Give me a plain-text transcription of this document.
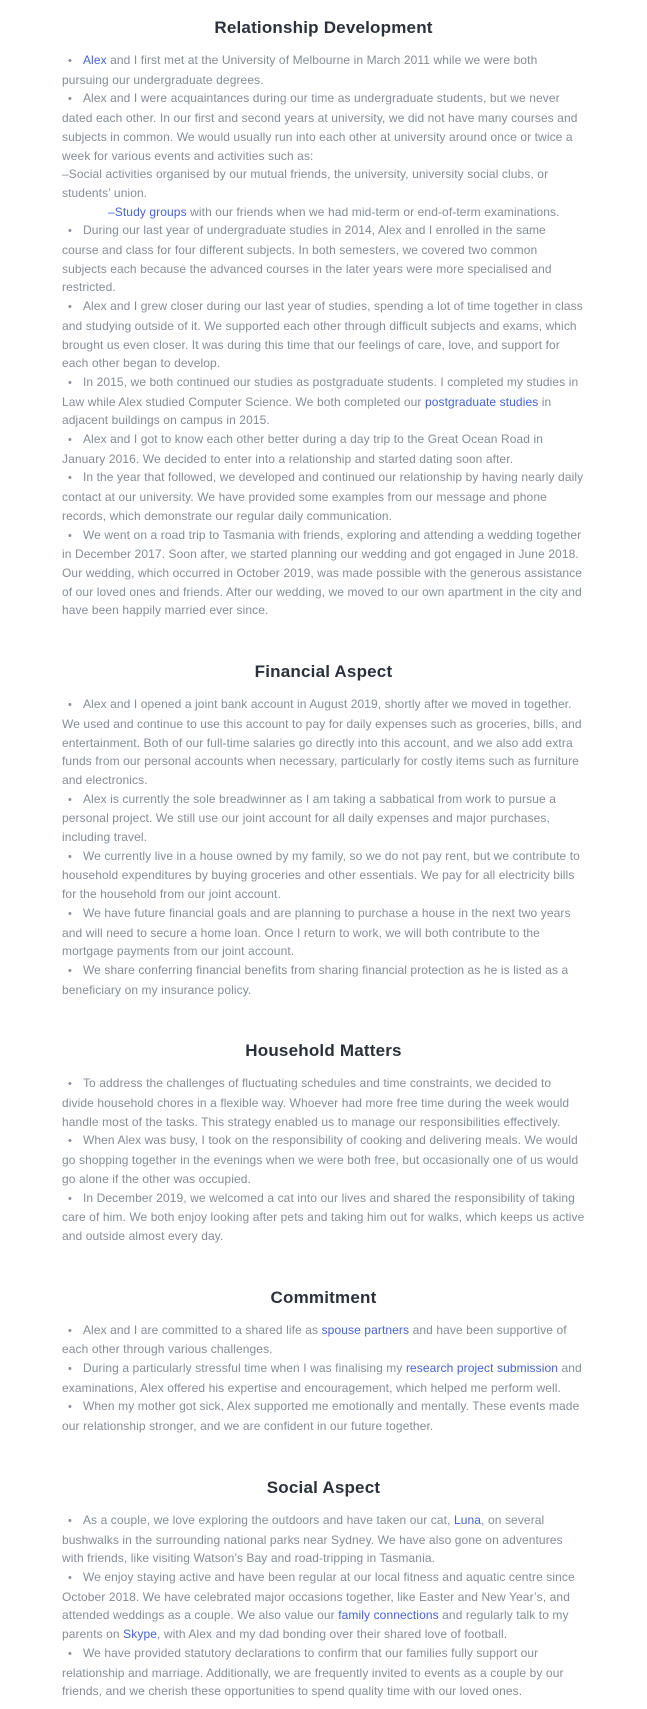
Relationship Development

• Alex and I first met at the University of Melbourne in March 2011 while we were both pursuing our undergraduate degrees.

• Alex and I were acquaintances during our time as undergraduate students, but we never dated each other. In our first and second years at university, we did not have many courses and subjects in common. We would usually run into each other at university around once or twice a week for various events and activities such as:

–Social activities organised by our mutual friends, the university, university social clubs, or students’ union.

–Study groups with our friends when we had mid-term or end-of-term examinations.

• During our last year of undergraduate studies in 2014, Alex and I enrolled in the same course and class for four different subjects. In both semesters, we covered two common subjects each because the advanced courses in the later years were more specialised and restricted.

• Alex and I grew closer during our last year of studies, spending a lot of time together in class and studying outside of it. We supported each other through difficult subjects and exams, which brought us even closer. It was during this time that our feelings of care, love, and support for each other began to develop.

• In 2015, we both continued our studies as postgraduate students. I completed my studies in Law while Alex studied Computer Science. We both completed our postgraduate studies in adjacent buildings on campus in 2015.

• Alex and I got to know each other better during a day trip to the Great Ocean Road in January 2016. We decided to enter into a relationship and started dating soon after.

• In the year that followed, we developed and continued our relationship by having nearly daily contact at our university. We have provided some examples from our message and phone records, which demonstrate our regular daily communication.

• We went on a road trip to Tasmania with friends, exploring and attending a wedding together in December 2017. Soon after, we started planning our wedding and got engaged in June 2018. Our wedding, which occurred in October 2019, was made possible with the generous assistance of our loved ones and friends. After our wedding, we moved to our own apartment in the city and have been happily married ever since.

Financial Aspect

• Alex and I opened a joint bank account in August 2019, shortly after we moved in together. We used and continue to use this account to pay for daily expenses such as groceries, bills, and entertainment. Both of our full-time salaries go directly into this account, and we also add extra funds from our personal accounts when necessary, particularly for costly items such as furniture and electronics.

• Alex is currently the sole breadwinner as I am taking a sabbatical from work to pursue a personal project. We still use our joint account for all daily expenses and major purchases, including travel.

• We currently live in a house owned by my family, so we do not pay rent, but we contribute to household expenditures by buying groceries and other essentials. We pay for all electricity bills for the household from our joint account.

• We have future financial goals and are planning to purchase a house in the next two years and will need to secure a home loan. Once I return to work, we will both contribute to the mortgage payments from our joint account.

• We share conferring financial benefits from sharing financial protection as he is listed as a beneficiary on my insurance policy.

Household Matters

• To address the challenges of fluctuating schedules and time constraints, we decided to divide household chores in a flexible way. Whoever had more free time during the week would handle most of the tasks. This strategy enabled us to manage our responsibilities effectively.

• When Alex was busy, I took on the responsibility of cooking and delivering meals. We would go shopping together in the evenings when we were both free, but occasionally one of us would go alone if the other was occupied.

• In December 2019, we welcomed a cat into our lives and shared the responsibility of taking care of him. We both enjoy looking after pets and taking him out for walks, which keeps us active and outside almost every day.

Commitment

• Alex and I are committed to a shared life as spouse partners and have been supportive of each other through various challenges.

• During a particularly stressful time when I was finalising my research project submission and examinations, Alex offered his expertise and encouragement, which helped me perform well.

• When my mother got sick, Alex supported me emotionally and mentally. These events made our relationship stronger, and we are confident in our future together.

Social Aspect

• As a couple, we love exploring the outdoors and have taken our cat, Luna, on several bushwalks in the surrounding national parks near Sydney. We have also gone on adventures with friends, like visiting Watson’s Bay and road-tripping in Tasmania.

• We enjoy staying active and have been regular at our local fitness and aquatic centre since October 2018. We have celebrated major occasions together, like Easter and New Year’s, and attended weddings as a couple. We also value our family connections and regularly talk to my parents on Skype, with Alex and my dad bonding over their shared love of football.

• We have provided statutory declarations to confirm that our families fully support our relationship and marriage. Additionally, we are frequently invited to events as a couple by our friends, and we cherish these opportunities to spend quality time with our loved ones.
